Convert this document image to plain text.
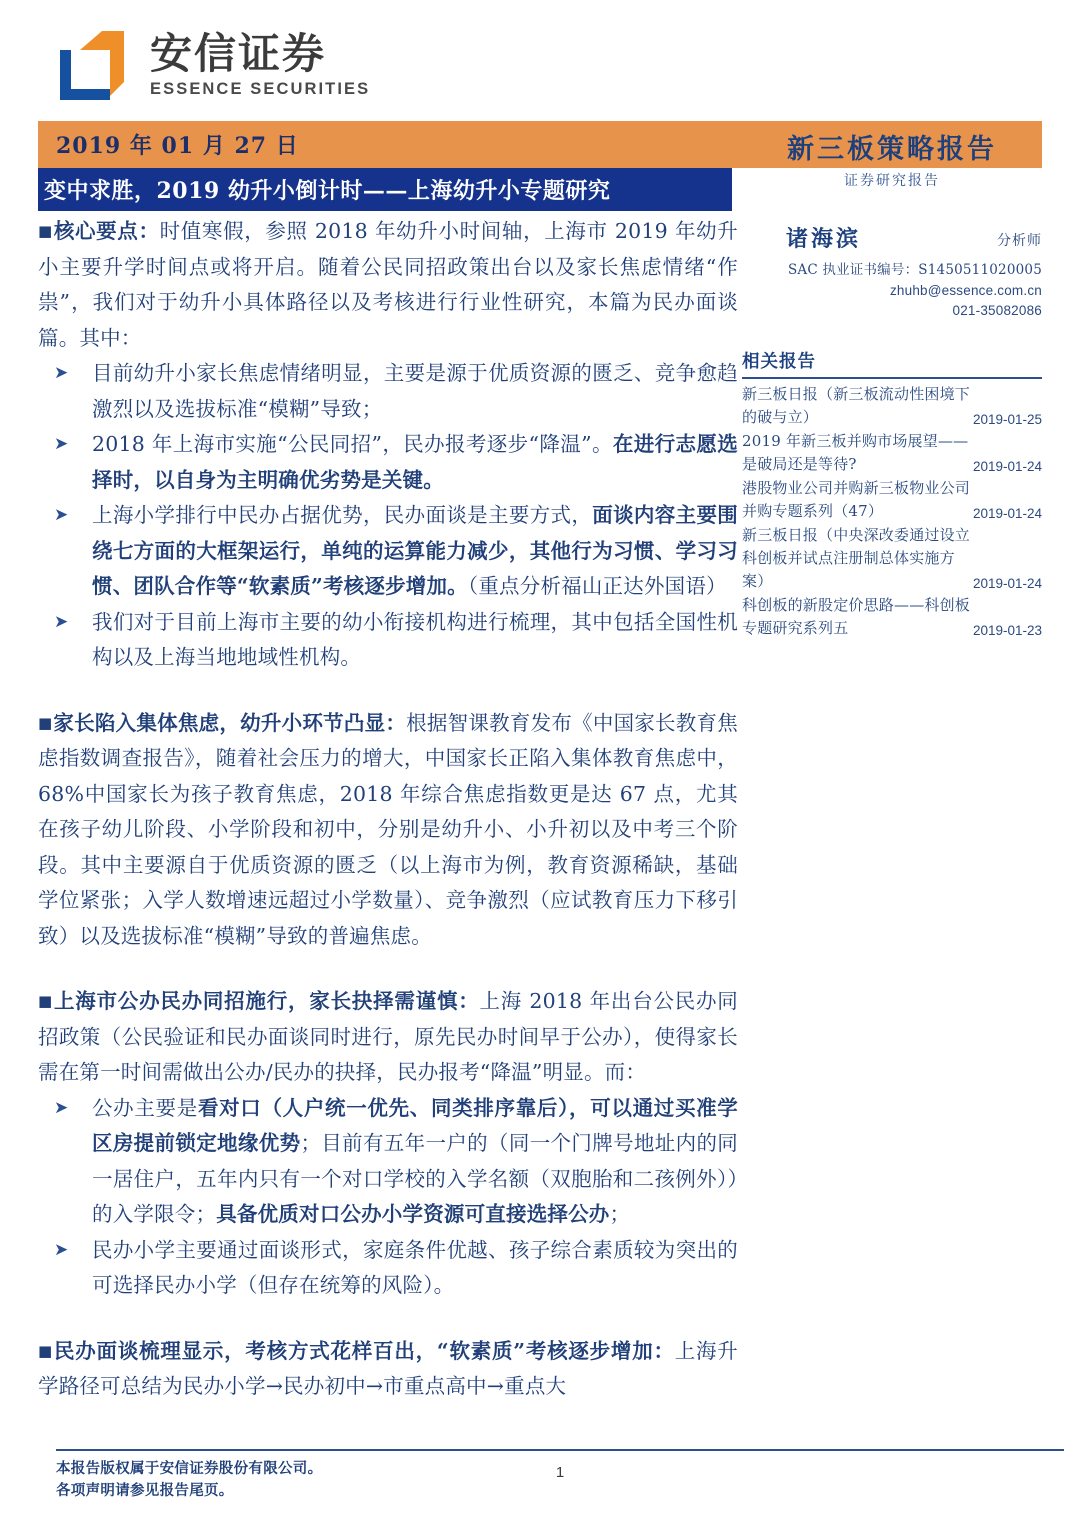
安信证券
ESSENCE SECURITIES
2019 年 01 月 27 日
变中求胜，2019 幼升小倒计时——上海幼升小专题研究
新三板策略报告
证券研究报告

■核心要点：时值寒假，参照 2018 年幼升小时间轴，上海市 2019 年幼升小主要升学时间点或将开启。随着公民同招政策出台以及家长焦虑情绪“作祟”，我们对于幼升小具体路径以及考核进行行业性研究，本篇为民办面谈篇。其中：

➤ 目前幼升小家长焦虑情绪明显，主要是源于优质资源的匮乏、竞争愈趋激烈以及选拔标准“模糊”导致；
➤ 2018 年上海市实施“公民同招”，民办报考逐步“降温”。在进行志愿选择时，以自身为主明确优劣势是关键。
➤ 上海小学排行中民办占据优势，民办面谈是主要方式，面谈内容主要围绕七方面的大框架运行，单纯的运算能力减少，其他行为习惯、学习习惯、团队合作等“软素质”考核逐步增加。（重点分析福山正达外国语）
➤ 我们对于目前上海市主要的幼小衔接机构进行梳理，其中包括全国性机构以及上海当地地域性机构。

■家长陷入集体焦虑，幼升小环节凸显：根据智课教育发布《中国家长教育焦虑指数调查报告》，随着社会压力的增大，中国家长正陷入集体教育焦虑中，68%中国家长为孩子教育焦虑，2018 年综合焦虑指数更是达 67 点，尤其在孩子幼儿阶段、小学阶段和初中，分别是幼升小、小升初以及中考三个阶段。其中主要源自于优质资源的匮乏（以上海市为例，教育资源稀缺，基础学位紧张；入学人数增速远超过小学数量）、竞争激烈（应试教育压力下移引致）以及选拔标准“模糊”导致的普遍焦虑。

■上海市公办民办同招施行，家长抉择需谨慎：上海 2018 年出台公民办同招政策（公民验证和民办面谈同时进行，原先民办时间早于公办），使得家长需在第一时间需做出公办/民办的抉择，民办报考“降温”明显。而：

➤ 公办主要是看对口（人户统一优先、同类排序靠后），可以通过买准学区房提前锁定地缘优势；目前有五年一户的（同一个门牌号地址内的同一居住户，五年内只有一个对口学校的入学名额（双胞胎和二孩例外））的入学限令；具备优质对口公办小学资源可直接选择公办；
➤ 民办小学主要通过面谈形式，家庭条件优越、孩子综合素质较为突出的可选择民办小学（但存在统筹的风险）。

■民办面谈梳理显示，考核方式花样百出，“软素质”考核逐步增加：上海升学路径可总结为民办小学→民办初中→市重点高中→重点大

诸海滨	分析师
SAC 执业证书编号：S1450511020005
zhuhb@essence.com.cn
021-35082086
相关报告
新三板日报（新三板流动性困境下的破与立）	2019-01-25
2019 年新三板并购市场展望——是破局还是等待?	2019-01-24
港股物业公司并购新三板物业公司并购专题系列（47）	2019-01-24
新三板日报（中央深改委通过设立科创板并试点注册制总体实施方案）	2019-01-24
科创板的新股定价思路——科创板专题研究系列五	2019-01-23
本报告版权属于安信证券股份有限公司。
各项声明请参见报告尾页。
1
